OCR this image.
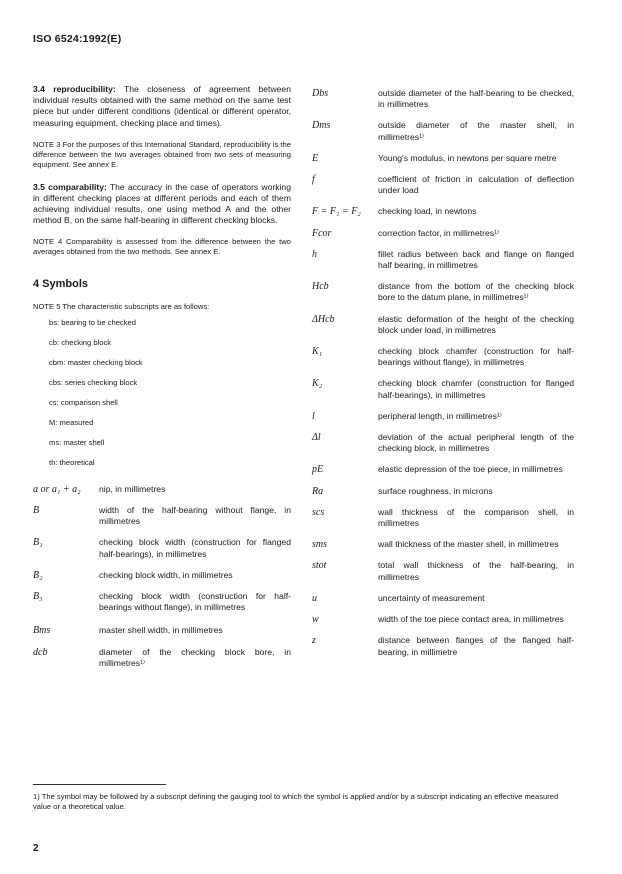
ISO 6524:1992(E)

3.4 reproducibility: The closeness of agreement between individual results obtained with the same method on the same test piece but under different conditions (identical or different operator, measuring equipment, checking place and times).

NOTE 3 For the purposes of this International Standard, reproducibility is the difference between the two averages obtained from two sets of measuring equipment. See annex E.

3.5 comparability: The accuracy in the case of operators working in different checking places at different periods and each of them achieving individual results, one using method A and the other method B, on the same half-bearing in different checking blocks.

NOTE 4 Comparability is assessed from the difference between the two averages obtained from the two methods. See annex E.

4 Symbols

NOTE 5 The characteristic subscripts are as follows:

bs: bearing to be checked

cb: checking block

cbm: master checking block

cbs: series checking block

cs: comparison shell

M: measured

ms: master shell

th: theoretical

a or a₁ + a₂	nip, in millimetres
B	width of the half-bearing without flange, in millimetres
B₁	checking block width (construction for flanged half-bearings), in millimetres
B₂	checking block width, in millimetres
B₃	checking block width (construction for half-bearings without flange), in millimetres
Bms	master shell width, in millimetres
dcb	diameter of the checking block bore, in millimetres¹⁾
Dbs	outside diameter of the half-bearing to be checked, in millimetres
Dms	outside diameter of the master shell, in millimetres¹⁾
E	Young's modulus, in newtons per square metre
f	coefficient of friction in calculation of deflection under load
F = F₁ = F₂	checking load, in newtons
Fcor	correction factor, in millimetres¹⁾
h	fillet radius between back and flange on flanged half bearing, in millimetres
Hcb	distance from the bottom of the checking block bore to the datum plane, in millimetres¹⁾
ΔHcb	elastic deformation of the height of the checking block under load, in millimetres
K₁	checking block chamfer (construction for half-bearings without flange), in millimetres
K₂	checking block chamfer (construction for flanged half-bearings), in millimetres
l	peripheral length, in millimetres¹⁾
Δl	deviation of the actual peripheral length of the checking block, in millimetres
pE	elastic depression of the toe piece, in millimetres
Ra	surface roughness, in microns
scs	wall thickness of the comparison shell, in millimetres
sms	wall thickness of the master shell, in millimetres
stot	total wall thickness of the half-bearing, in millimetres
u	uncertainty of measurement
w	width of the toe piece contact area, in millimetres
z	distance between flanges of the flanged half-bearing, in millimetre

1) The symbol may be followed by a subscript defining the gauging tool to which the symbol is applied and/or by a subscript indicating an effective measured value or a theoretical value.

2
